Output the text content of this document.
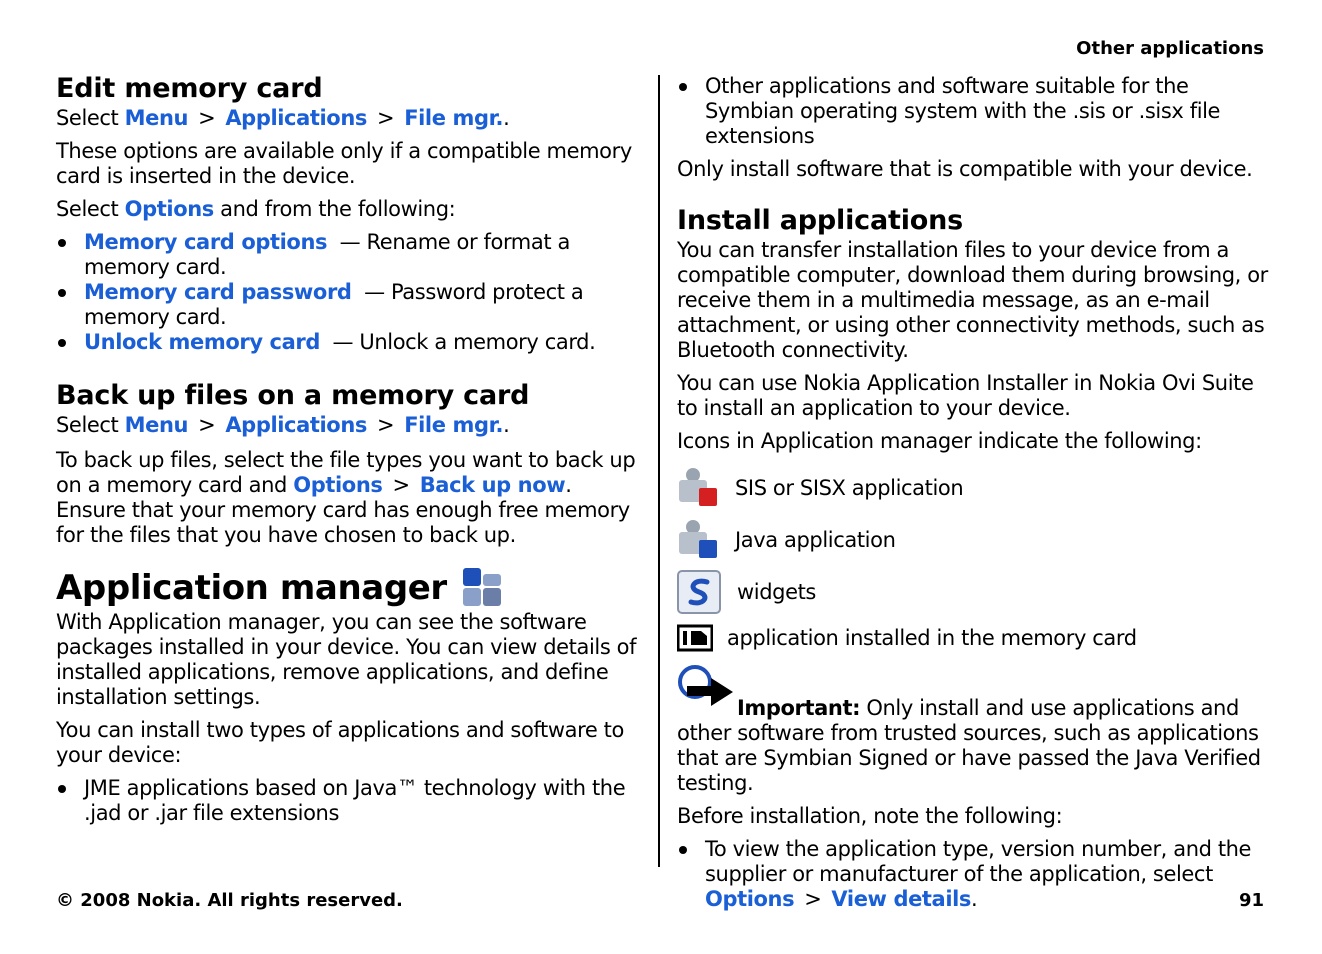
Other applications
Edit memory card

Select Menu > Applications > File mgr..

These options are available only if a compatible memory card is inserted in the device.

Select Options and from the following:

Memory card options — Rename or format a memory card.
Memory card password — Password protect a memory card.
Unlock memory card — Unlock a memory card.
Back up files on a memory card

Select Menu > Applications > File mgr..

To back up files, select the file types you want to back up on a memory card and Options > Back up now. Ensure that your memory card has enough free memory for the files that you have chosen to back up.

Application manager

With Application manager, you can see the software packages installed in your device. You can view details of installed applications, remove applications, and define installation settings.

You can install two types of applications and software to your device:

JME applications based on Java™ technology with the .jad or .jar file extensions
Other applications and software suitable for the Symbian operating system with the .sis or .sisx file extensions

Only install software that is compatible with your device.

Install applications

You can transfer installation files to your device from a compatible computer, download them during browsing, or receive them in a multimedia message, as an e-mail attachment, or using other connectivity methods, such as Bluetooth connectivity.

You can use Nokia Application Installer in Nokia Ovi Suite to install an application to your device.

Icons in Application manager indicate the following:

SIS or SISX application
Java application
widgets
application installed in the memory card

Important: Only install and use applications and other software from trusted sources, such as applications that are Symbian Signed or have passed the Java Verified testing.

Before installation, note the following:

To view the application type, version number, and the supplier or manufacturer of the application, select Options > View details.
© 2008 Nokia. All rights reserved.	91
